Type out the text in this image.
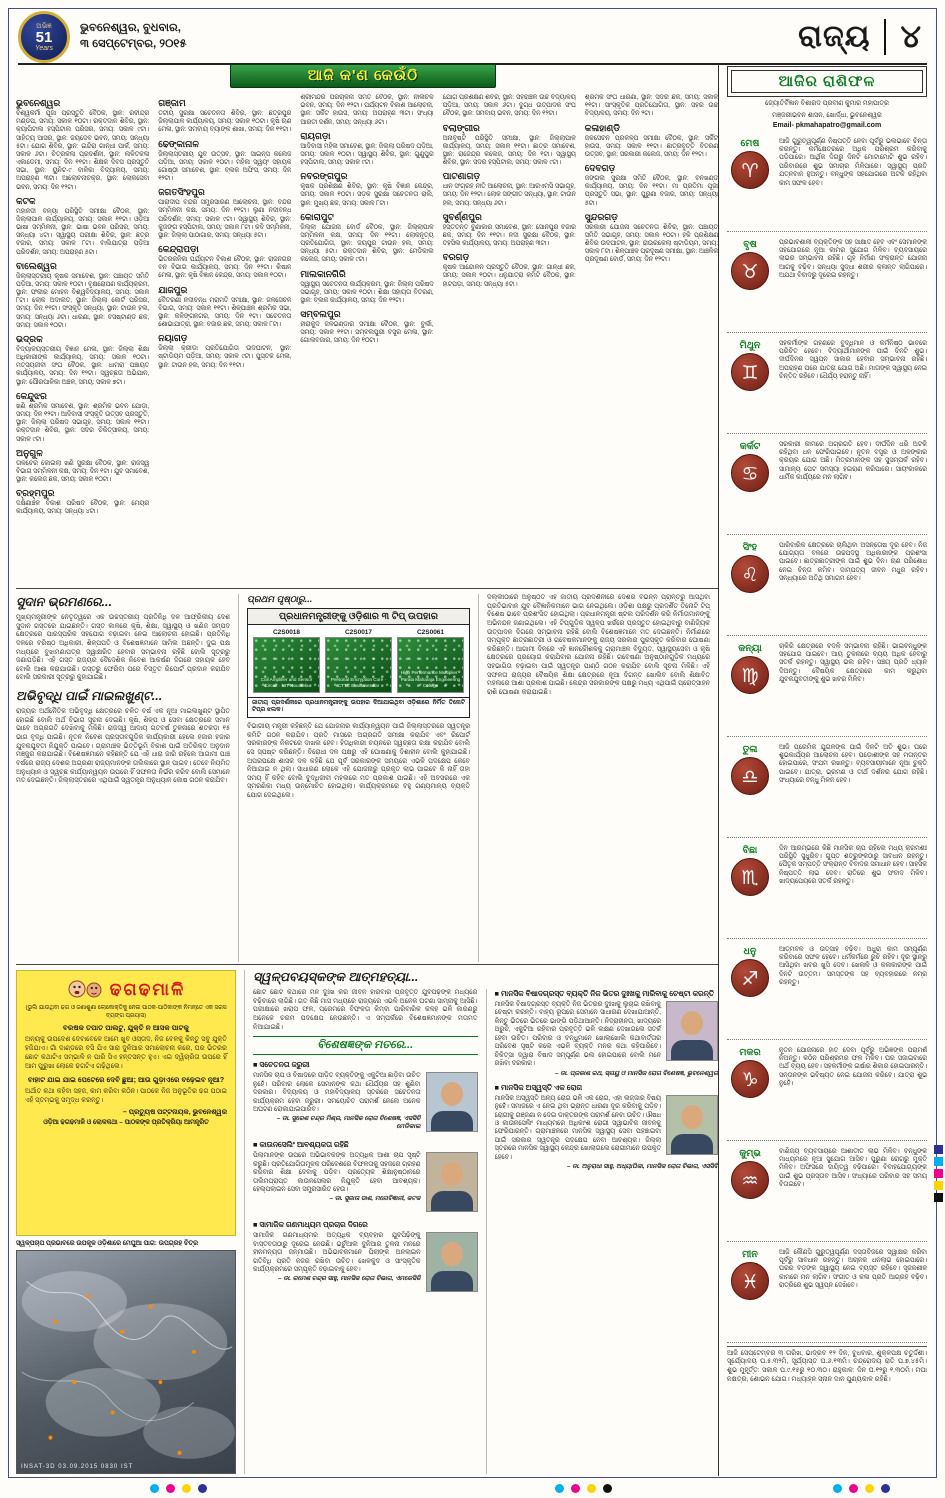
ଅଭିଜ୍ଞ
51
Years
ଭୁବନେଶ୍ୱର, ବୁଧବାର,
୩ ସେପ୍ଟେମ୍ବର, ୨୦୧୫	ରାଜ୍ୟ ୪
ଆଜି କ'ଣ କେଉଁଠି
ଭୁବନେଶ୍ୱର
ବିଶ୍ୱକର୍ମା ପୂଜା ପ୍ରସ୍ତୁତି ବୈଠକ, ସ୍ଥାନ: ରବୀନ୍ଦ୍ର ମଣ୍ଡପ, ସମୟ: ସକାଳ ୧୦ଟା। ରକ୍ତଦାନ ଶିବିର, ସ୍ଥାନ: କ୍ୟାପିଟାଲ ହସ୍ପିଟାଲ ପରିସର, ସମୟ: ସକାଳ ୯ଟା। ସାହିତ୍ୟ ଆସର, ସ୍ଥାନ: ଜୟଦେବ ଭବନ, ସମୟ: ସନ୍ଧ୍ୟା ୫ଟା। ଯୋଗ ଶିବିର, ସ୍ଥାନ: ଇନ୍ଦିରା ଗାନ୍ଧୀ ପାର୍କ, ସମୟ: ସକାଳ ୬ଟା। ଚିତ୍ରକଳା ପ୍ରଦର୍ଶନୀ, ସ୍ଥାନ: ଲଳିତକଳା ଏକାଡେମୀ, ସମୟ: ଦିନ ୧୧ଟା। ଶିକ୍ଷକ ଦିବସ ପ୍ରସ୍ତୁତି ସଭା, ସ୍ଥାନ: ୟୁନିଟ-୯ ବାଳିକା ବିଦ୍ୟାଳୟ, ସମୟ: ଅପରାହ୍ଣ ୩ଟା। ଆଲୋଚନାଚକ୍ର, ସ୍ଥାନ: ଲୋକସେବା ଭବନ, ସମୟ: ଦିନ ୧୨ଟା।
କଟକ
ମହାନଦୀ ବନ୍ୟା ପରିସ୍ଥିତି ସମୀକ୍ଷା ବୈଠକ, ସ୍ଥାନ: ଜିଲ୍ଲାପାଳ କାର୍ଯ୍ୟାଳୟ, ସମୟ: ସକାଳ ୧୧ଟା। ଓଡ଼ିଆ ଭାଷା ସମ୍ମିଳନୀ, ସ୍ଥାନ: ଭାଷା ଭବନ ପରିସର, ସମୟ: ସନ୍ଧ୍ୟା ୪ଟା। ସ୍ୱାସ୍ଥ୍ୟ ପରୀକ୍ଷା ଶିବିର, ସ୍ଥାନ: ଛତ୍ର ବଜାର, ସମୟ: ସକାଳ ୮ଟା। ବାଲିଯାତ୍ରା ପଡ଼ିଆ ପରିଦର୍ଶନ, ସମୟ: ଅପରାହ୍ଣ ୫ଟା।
ବାଲେଶ୍ୱର
ଜିଲ୍ଲାସ୍ତରୀୟ କୃଷକ ସମାବେଶ, ସ୍ଥାନ: ପଞ୍ଚାୟତ ସମିତି ପଡ଼ିଆ, ସମୟ: ସକାଳ ୧୦ଟା। ବୃକ୍ଷରୋପଣ କାର୍ଯ୍ୟକ୍ରମ, ସ୍ଥାନ: ଫକୀର ମୋହନ ବିଶ୍ୱବିଦ୍ୟାଳୟ, ସମୟ: ସକାଳ ୮ଟା। ଲୋକ ଅଦାଲତ, ସ୍ଥାନ: ଜିଲ୍ଲା କୋର୍ଟ ପରିସର, ସମୟ: ଦିନ ୧୧ଟା। ସଂସ୍କୃତି ସନ୍ଧ୍ୟା, ସ୍ଥାନ: ଟାଉନ ହଲ, ସମୟ: ସନ୍ଧ୍ୟା ୬ଟା। ଧାରଣା, ସ୍ଥାନ: ବସଷ୍ଟାଣ୍ଡ ଛକ, ସମୟ: ସକାଳ ୧୦ଟା।
ଭଦ୍ରକ
ବିଦ୍ୟାଳୟସ୍ତରୀୟ ବିଜ୍ଞାନ ମେଳା, ସ୍ଥାନ: ଜିଲ୍ଲା ଶିକ୍ଷା ଅଧିକାରୀଙ୍କ କାର୍ଯ୍ୟାଳୟ, ସମୟ: ସକାଳ ୧୦ଟା। ମତ୍ସ୍ୟଜୀବୀ ସଂଘ ବୈଠକ, ସ୍ଥାନ: ଧାମରା ପଞ୍ଚାୟତ କାର୍ଯ୍ୟାଳୟ, ସମୟ: ଦିନ ୧୨ଟା। ସ୍ୱଚ୍ଛତା ଅଭିଯାନ, ସ୍ଥାନ: ପୌରପାଳିକା ଅଞ୍ଚଳ, ସମୟ: ସକାଳ ୭ଟା।
କେନ୍ଦୁଝର
ଖଣି ଶ୍ରମିକ ସମାବେଶ, ସ୍ଥାନ: ଶ୍ରମିକ ଭବନ ଯୋଡ଼ା, ସମୟ: ଦିନ ୧୨ଟା। ଆଦିବାସୀ ସଂସ୍କୃତି ଉତ୍ସବ ପ୍ରସ୍ତୁତି, ସ୍ଥାନ: ଜିଲ୍ଲା ପରିଷଦ ସଭାଗୃହ, ସମୟ: ସକାଳ ୧୧ଟା। ରକ୍ତଦାନ ଶିବିର, ସ୍ଥାନ: ସଦର ଚିକିତ୍ସାଳୟ, ସମୟ: ସକାଳ ୯ଟା।
ଅନୁଗୁଳ
ତାଳଚେର କୋଇଲା ଖଣି ସୁରକ୍ଷା ବୈଠକ, ସ୍ଥାନ: ରାଜସ୍ୱ ବିଭାଗ ସମ୍ମିଳନୀ କକ୍ଷ, ସମୟ: ଦିନ ୧ଟା। ଯୁବ ସମାବେଶ, ସ୍ଥାନ: କଲେଜ ଛକ, ସମୟ: ସକାଳ ୧୦ଟା।
ବ୍ରହ୍ମପୁର
ଦକ୍ଷିଣାଞ୍ଚଳ ବିକାଶ ପରିଷଦ ବୈଠକ, ସ୍ଥାନ: ମେୟର କାର୍ଯ୍ୟାଳୟ, ସମୟ: ସନ୍ଧ୍ୟା ୪ଟା।
ଗଞ୍ଜାମ
ତଟୀୟ ସୁରକ୍ଷା ସଚେତନତା ଶିବିର, ସ୍ଥାନ: ଛତ୍ରପୁର ଜିଲ୍ଲାପାଳ କାର୍ଯ୍ୟାଳୟ, ସମୟ: ସକାଳ ୧୦ଟା। କୃଷି ଋଣ ମେଳା, ସ୍ଥାନ: ସମବାୟ ବ୍ୟାଙ୍କ ଶାଖା, ସମୟ: ଦିନ ୧୧ଟା।
ଢେଙ୍କାନାଳ
ଜିଲ୍ଲାସ୍ତରୀୟ ଯୁବ ଉତ୍ସବ, ସ୍ଥାନ: ସାଇନ୍ସ କଲେଜ ପଡ଼ିଆ, ସମୟ: ସକାଳ ୧୦ଟା। ମହିଳା ସ୍ୱୟଂ ସହାୟକ ଗୋଷ୍ଠୀ ସମାବେଶ, ସ୍ଥାନ: ବ୍ଲକ ଅଫିସ, ସମୟ: ଦିନ ୧୨ଟା।
ଜଗତସିଂହପୁର
ପାରାଦୀପ ବନ୍ଦର ସମ୍ପ୍ରସାରଣ ଆଲୋଚନା, ସ୍ଥାନ: ବନ୍ଦର ସମ୍ମିଳନୀ କକ୍ଷ, ସମୟ: ଦିନ ୧୧ଟା। ଲୁଣା ନଦୀବନ୍ଧ ପରିଦର୍ଶନ, ସମୟ: ସକାଳ ୯ଟା। ସ୍ୱାସ୍ଥ୍ୟ ଶିବିର, ସ୍ଥାନ: କୁଜଙ୍ଗ ହସ୍ପିଟାଲ, ସମୟ: ସକାଳ ୮ଟା। କବି ସମ୍ମିଳନୀ, ସ୍ଥାନ: ଜିଲ୍ଲା ପାଠାଗାର, ସମୟ: ସନ୍ଧ୍ୟା ୫ଟା।
କେନ୍ଦ୍ରାପଡ଼ା
ଭିତରକନିକା ପର୍ଯ୍ୟଟନ ବିକାଶ ବୈଠକ, ସ୍ଥାନ: ରାଜନଗର ବନ ବିଭାଗ କାର୍ଯ୍ୟାଳୟ, ସମୟ: ଦିନ ୧୨ଟା। କିଷାନ ମେଳା, ସ୍ଥାନ: କୃଷି ବିଜ୍ଞାନ କେନ୍ଦ୍ର, ସମୟ: ସକାଳ ୧୦ଟା।
ଯାଜପୁର
ବୈତରଣୀ ନଦୀବନ୍ଧ ମରାମତି ସମୀକ୍ଷା, ସ୍ଥାନ: ଜଳସେଚନ ବିଭାଗ, ସମୟ: ସକାଳ ୧୧ଟା। ଶିଳ୍ପାଞ୍ଚଳ ଶ୍ରମିକ ସଭା, ସ୍ଥାନ: କଳିଙ୍ଗନଗର, ସମୟ: ଦିନ ୧ଟା। ସଚେତନତା ଶୋଭାଯାତ୍ରା, ସ୍ଥାନ: ବଜାର ଛକ, ସମୟ: ସକାଳ ୮ଟା।
ନୟାଗଡ଼
ଜିଲ୍ଲା କ୍ରୀଡ଼ା ପ୍ରତିଯୋଗିତା ଉଦଘାଟନ, ସ୍ଥାନ: ଷ୍ଟାଡିୟମ ପଡ଼ିଆ, ସମୟ: ସକାଳ ୯ଟା। ପୁସ୍ତକ ମେଳା, ସ୍ଥାନ: ଟାଉନ ହଲ, ସମୟ: ଦିନ ୧୧ଟା।
ଶ୍ରୀମନ୍ଦିର ପରିଚାଳନା ସମିତି ବୈଠକ, ସ୍ଥାନ: ନୀଳାଚଳ ଭବନ, ସମୟ: ଦିନ ୧୨ଟା। ପର୍ଯ୍ୟଟନ ବିକାଶ ଆଲୋଚନା, ସ୍ଥାନ: ସର୍କିଟ ହାଉସ, ସମୟ: ଅପରାହ୍ଣ ୩ଟା। ସଂଧ୍ୟା ଆରତୀ ଦର୍ଶନ, ସମୟ: ସନ୍ଧ୍ୟା ୬ଟା।
ରାୟଗଡ଼ା
ଆଦିବାସୀ ମହିଳା ସମାବେଶ, ସ୍ଥାନ: ଜିଲ୍ଲା ପରିଷଦ ପଡ଼ିଆ, ସମୟ: ସକାଳ ୧୦ଟା। ସ୍ୱାସ୍ଥ୍ୟ ଶିବିର, ସ୍ଥାନ: ଗୁଣୁପୁର ହସ୍ପିଟାଲ, ସମୟ: ସକାଳ ୯ଟା।
ନବରଙ୍ଗପୁର
କୃଷକ ପ୍ରଶିକ୍ଷଣ ଶିବିର, ସ୍ଥାନ: କୃଷି ବିଜ୍ଞାନ କେନ୍ଦ୍ର, ସମୟ: ସକାଳ ୧୦ଟା। ସଡ଼କ ସୁରକ୍ଷା ସଚେତନତା ରାଲି, ସ୍ଥାନ: ମୁଖ୍ୟ ଛକ, ସମୟ: ସକାଳ ୮ଟା।
କୋରାପୁଟ
ଜିଲ୍ଲା ଯୋଜନା ବୋର୍ଡ ବୈଠକ, ସ୍ଥାନ: ଜିଲ୍ଲାପାଳ ସମ୍ମିଳନୀ କକ୍ଷ, ସମୟ: ଦିନ ୧୧ଟା। ଲୋକନୃତ୍ୟ ପ୍ରତିଯୋଗିତା, ସ୍ଥାନ: ଜୟପୁର ଟାଉନ ହଲ, ସମୟ: ସନ୍ଧ୍ୟା ୫ଟା। ରକ୍ତଦାନ ଶିବିର, ସ୍ଥାନ: ମେଡିକାଲ କଲେଜ, ସମୟ: ସକାଳ ୯ଟା।
ମାଲକାନଗିରି
ସ୍ୱାସ୍ଥ୍ୟ ସଚେତନତା କାର୍ଯ୍ୟକ୍ରମ, ସ୍ଥାନ: ଜିଲ୍ଲା ପରିଷଦ ସଭାଗୃହ, ସମୟ: ସକାଳ ୧୦ଟା। ଶିକ୍ଷା ସହାୟତା ବିତରଣ, ସ୍ଥାନ: ବ୍ଲକ କାର୍ଯ୍ୟାଳୟ, ସମୟ: ଦିନ ୧୨ଟା।
ସମ୍ବଲପୁର
ହୀରାକୁଦ ଜଳଭଣ୍ଡାର ସମୀକ୍ଷା ବୈଠକ, ସ୍ଥାନ: ବୁର୍ଲା, ସମୟ: ସକାଳ ୧୧ଟା। ସମ୍ବଲପୁରୀ ବସ୍ତ୍ର ମେଳା, ସ୍ଥାନ: ଗୋଲବଜାର, ସମୟ: ଦିନ ୧୦ଟା।
ଯୋଗ ପ୍ରଶିକ୍ଷଣ ଶିବିର, ସ୍ଥାନ: ସହରାଞ୍ଚଳ ଉଚ୍ଚ ବିଦ୍ୟାଳୟ ପଡ଼ିଆ, ସମୟ: ସକାଳ ୬ଟା। ଦୁଗ୍ଧ ଉତ୍ପାଦକ ସଂଘ ବୈଠକ, ସ୍ଥାନ: ସମବାୟ ଭବନ, ସମୟ: ଦିନ ୧୨ଟା।
ବଲାଙ୍ଗୀର
ଅନାବୃଷ୍ଟି ପରିସ୍ଥିତି ସମୀକ୍ଷା, ସ୍ଥାନ: ଜିଲ୍ଲାପାଳ କାର୍ଯ୍ୟାଳୟ, ସମୟ: ସକାଳ ୧୧ଟା। ଛାତ୍ର ସମାବେଶ, ସ୍ଥାନ: ରାଜେନ୍ଦ୍ର କଲେଜ, ସମୟ: ଦିନ ୧ଟା। ସ୍ୱାସ୍ଥ୍ୟ ଶିବିର, ସ୍ଥାନ: ସଦର ହସ୍ପିଟାଲ, ସମୟ: ସକାଳ ୯ଟା।
ପାଟଣାଗଡ଼
ଧାନ ସଂଗ୍ରହ ନୀତି ଆଲୋଚନା, ସ୍ଥାନ: ଆରଏମସି ସଭାଗୃହ, ସମୟ: ଦିନ ୧୨ଟା। ଲୋକ ସଙ୍ଗୀତ ସନ୍ଧ୍ୟା, ସ୍ଥାନ: ଟାଉନ ହଲ, ସମୟ: ସନ୍ଧ୍ୟା ୬ଟା।
ସୁବର୍ଣ୍ଣପୁର
ହସ୍ତତନ୍ତ ବୁଣାକାର ସମାବେଶ, ସ୍ଥାନ: ସୋନପୁର ବଜାର ଛକ, ସମୟ: ଦିନ ୧୧ଟା। ନଦୀ ସୁରକ୍ଷା ବୈଠକ, ସ୍ଥାନ: ତହସିଲ କାର୍ଯ୍ୟାଳୟ, ସମୟ: ଅପରାହ୍ଣ ୩ଟା।
ବରଗଡ଼
କୃଷକ ଆନ୍ଦୋଳନ ପ୍ରସ୍ତୁତି ବୈଠକ, ସ୍ଥାନ: ଗାନ୍ଧୀ ଛକ, ସମୟ: ସକାଳ ୧୦ଟା। ଧନୁଯାତ୍ରା କମିଟି ବୈଠକ, ସ୍ଥାନ: ହାଟପଡ଼ା, ସମୟ: ସନ୍ଧ୍ୟା ୫ଟା।
ଶ୍ରମିକ ସଂଘ ଧାରଣା, ସ୍ଥାନ: ସଦର ଛକ, ସମୟ: ସକାଳ ୧୧ଟା। ସାଂସ୍କୃତିକ ପ୍ରତିଯୋଗିତା, ସ୍ଥାନ: ସହର ଉଚ୍ଚ ବିଦ୍ୟାଳୟ, ସମୟ: ଦିନ ୨ଟା।
କଳାହାଣ୍ଡି
ଜଳସେଚନ ପ୍ରକଳ୍ପ ସମୀକ୍ଷା ବୈଠକ, ସ୍ଥାନ: ସର୍କିଟ ହାଉସ, ସମୟ: ସକାଳ ୧୧ଟା। ଛାତ୍ରବୃତ୍ତି ବିତରଣ ଉତ୍ସବ, ସ୍ଥାନ: ସରକାରୀ କଲେଜ, ସମୟ: ଦିନ ୧୨ଟା।
ଦେବଗଡ଼
ଜଙ୍ଗଲ ସୁରକ୍ଷା ସମିତି ବୈଠକ, ସ୍ଥାନ: ବନଖଣ୍ଡ କାର୍ଯ୍ୟାଳୟ, ସମୟ: ଦିନ ୧୧ଟା। ମା ପ୍ରତିମା ପୂଜା ପ୍ରସ୍ତୁତି ସଭା, ସ୍ଥାନ: ପୁରୁଣା ବଜାର, ସମୟ: ସନ୍ଧ୍ୟା ୫ଟା।
ସୁନ୍ଦରଗଡ଼
ସରକାରୀ ଯୋଜନା ସଚେତନତା ଶିବିର, ସ୍ଥାନ: ପଞ୍ଚାୟତ ସମିତି ସଭାଗୃହ, ସମୟ: ସକାଳ ୧୦ଟା। ହକି ପ୍ରଶିକ୍ଷଣ ଶିବିର ଉଦଘାଟନ, ସ୍ଥାନ: ରାଉରକେଲା ଷ୍ଟାଡିୟମ, ସମୟ: ସକାଳ ୮ଟା। ଶିଳ୍ପାଞ୍ଚଳ ପ୍ରଦୂଷଣ ସମୀକ୍ଷା, ସ୍ଥାନ: ଆଞ୍ଚଳିକ ପ୍ରଦୂଷଣ ବୋର୍ଡ, ସମୟ: ଦିନ ୧୨ଟା।
ଆଜିର ରାଶିଫଳ
ଜ୍ୟୋତିର୍ବିଜ୍ଞାନ ବିଶାରଦ ପ୍ରବୀଣ କୁମାର ମହାପାତ୍ର
ମଞ୍ଜରୀଭବନ ଶାସନ, ଖୋର୍ଦ୍ଧା, ଭୁବନେଶ୍ୱର
Email- pkmahapatro@gmail.com
ମେଷ
♈
ଆଜି ଗୁରୁତ୍ୱପୂର୍ଣ୍ଣ ନିଷ୍ପତ୍ତି ନେବା ପୂର୍ବରୁ ଭଲଭାବେ ଚିନ୍ତା କରନ୍ତୁ। କର୍ମକ୍ଷେତ୍ରରେ ଅଧିକ ପରିଶ୍ରମ କରିବାକୁ ପଡ଼ିପାରେ। ଆର୍ଥିକ ଦିଗରୁ ଦିନଟି ମୋଟାମୋଟି ଶୁଭ ରହିବ। ପରିବାରରେ ଶୁଭ ସମାଚାର ମିଳିପାରେ। ସ୍ୱାସ୍ଥ୍ୟ ପ୍ରତି ଯତ୍ନବାନ ହୁଅନ୍ତୁ। ବନ୍ଧୁଙ୍କ ସହଯୋଗରେ ଅଟକି ରହିଥିବା କାମ ସଫଳ ହେବ।
ବୃଷ
♉
ପ୍ରଭାବଶାଳୀ ବ୍ୟକ୍ତିଙ୍କ ସହ ସାକ୍ଷାତ ହେବ ଏବଂ ସେମାନଙ୍କ ସହଯୋଗରେ ନୂଆ କାମର ସୁଯୋଗ ମିଳିବ। ବ୍ୟବସାୟରେ ଲାଭର ସମ୍ଭାବନା ରହିଛି। ଗୃହ ନିର୍ମାଣ ସଂକ୍ରାନ୍ତ ଯୋଜନା ଆଗକୁ ବଢ଼ିବ। ସନ୍ଧ୍ୟା ସୁଦ୍ଧା ଶରୀର କ୍ଳାନ୍ତ ଲାଗିପାରେ। ଅଯଥା ବିବାଦରୁ ଦୂରେଇ ରହନ୍ତୁ।
ମିଥୁନ
♊
ସହକର୍ମୀଙ୍କ ଗହଣରେ ବୁଦ୍ଧିମାନ ଓ କର୍ମନିଷ୍ଠ ଭାବରେ ପରିଚିତ ହେବେ। ବିଦ୍ୟାର୍ଥୀମାନଙ୍କ ପାଇଁ ଦିନଟି ଶୁଭ। ଦୀର୍ଘଦିନର ସ୍ୱପ୍ନ ସାକାର ହେବାର ସମ୍ଭାବନା ରହିଛି। ଅପରାହ୍ଣ ପରେ ଯାତ୍ରା ଯୋଗ ଅଛି। ମାତାଙ୍କ ସ୍ୱାସ୍ଥ୍ୟ ନେଇ ଚିନ୍ତିତ ରହିବେ। ଧୈର୍ଯ୍ୟ ହରାନ୍ତୁ ନାହିଁ।
କର୍କଟ
♋
ସରକାରୀ କାମରେ ଅଗ୍ରଗତି ହେବ। ଦୀର୍ଘଦିନ ଧରି ଅଟକି ରହିଥିବା ଧନ ଫେରିପାଇବେ। ନୂତନ ବସ୍ତ୍ର ଓ ଅଳଙ୍କାର କ୍ରୟର ଯୋଗ ଅଛି। ମିତ୍ରମାନଙ୍କ ସହ ସୁସମ୍ପର୍କ ରହିବ। ସାମାନ୍ୟ ପେଟ ସମସ୍ୟା ହଇରାଣ କରିପାରେ। ସାୟଂକାଳରେ ଧାର୍ମିକ କାର୍ଯ୍ୟରେ ମନ ଲାଗିବ।
ସିଂହ
♌
ପାରିବାରିକ କ୍ଷେତ୍ରରେ ଚାଲିଥିବା ଅସନ୍ତୋଷ ଦୂର ହେବ। ନିଜ ଯୋଗ୍ୟତା ବଳରେ ଉଚ୍ଚପଦସ୍ଥ ଅଧିକାରୀଙ୍କ ପ୍ରଶଂସା ପାଇବେ। ଛାତ୍ରଛାତ୍ରୀଙ୍କ ପାଇଁ ଶୁଭ ଦିନ। ଋଣ ପରିଶୋଧ ନେଇ ଚିନ୍ତା କମିବ। ଦାମ୍ପତ୍ୟ ଜୀବନ ମଧୁର ରହିବ। ସନ୍ଧ୍ୟାରେ ଅତିଥି ସମାଗମ ହେବ।
କନ୍ୟା
♍
ଚାକିରି କ୍ଷେତ୍ରରେ ବଦଳି ସମ୍ଭାବନା ରହିଛି। ଭାଇବନ୍ଧୁଙ୍କ ସହଯୋଗ ପାଇବେ। ଆୟ ତୁଳନାରେ ବ୍ୟୟ ଅଧିକ ହେବାରୁ ସତର୍କ ରହନ୍ତୁ। ସ୍ୱାସ୍ଥ୍ୟ ଭଲ ରହିବ। ସଞ୍ଚୟ ପ୍ରତି ଧ୍ୟାନ ଦିଅନ୍ତୁ। ବୈଷୟିକ କ୍ଷେତ୍ରରେ କାମ କରୁଥିବା ଯୁବକଯୁବତୀଙ୍କୁ ଶୁଭ ଖବର ମିଳିବ।
ତୁଳା
♎
ଆଜି ପ୍ରେମିକ ଯୁଗଳଙ୍କ ପାଇଁ ଦିନଟି ଅତି ଶୁଭ। ଘରେ ଶୁଭକାର୍ଯ୍ୟର ଆଲୋଚନା ହେବ। ପଡ଼ୋଶୀଙ୍କ ସହ ମତାନ୍ତର ହୋଇପାରେ, ସଂଯମ ରଖନ୍ତୁ। ବ୍ୟବସାୟୀମାନେ ନୂଆ ଚୁକ୍ତି ପାଇବେ। ଯାତ୍ରା, ଭ୍ରମଣ ଓ ତୀର୍ଥ ଦର୍ଶନର ଯୋଗ ରହିଛି। ସଂଧ୍ୟାରେ ବନ୍ଧୁ ମିଳନ ହେବ।
ବିଛା
♏
ଦିନ ଆରମ୍ଭରେ କିଛି ମାନସିକ ଚାପ ରହିଲେ ମଧ୍ୟ କ୍ରମଶଃ ପରିସ୍ଥିତି ସୁଧୁରିବ। ଗୁପ୍ତ ଶତ୍ରୁଙ୍କଠାରୁ ସାବଧାନ ରହନ୍ତୁ। ପୈତୃକ ସମ୍ପତ୍ତି ସଂକ୍ରାନ୍ତ ବିବାଦର ସମାଧାନ ହେବ। ସାହସିକ ନିଷ୍ପତ୍ତି ଲାଭ ଦେବ। ରାତିରେ ଶୁଭ ସଂବାଦ ମିଳିବ। ଖାଦ୍ୟପେୟରେ ସତର୍କ ରହନ୍ତୁ।
ଧନୁ
♐
ଆତ୍ମବଳ ଓ ଉତ୍ସାହ ବଢ଼ିବ। ଅଧୁରା କାମ ସମ୍ପୂର୍ଣ୍ଣ କରିବାରେ ସଫଳ ହେବେ। ଧର୍ମକର୍ମରେ ରୁଚି ରହିବ। ଦୂର ସ୍ଥାନରୁ ଆସିଥିବା ଖବର ଖୁସି ଦେବ। ଖେଳାଳି ଓ କଳାକାରଙ୍କ ପାଇଁ ଦିନଟି ଉତ୍ତମ। ସମସ୍ତଙ୍କ ସହ ବ୍ୟବହାରରେ ନମ୍ର ରହନ୍ତୁ।
ମକର
♑
ନୂତନ ଯୋଜନାରେ ହାତ ଦେବା ପୂର୍ବରୁ ଅଭିଜ୍ଞଙ୍କ ପରାମର୍ଶ ନିଅନ୍ତୁ। କଠିନ ପରିଶ୍ରମର ଫଳ ମିଳିବ। ଘର ସଜାଇବାରେ ଅର୍ଥ ବ୍ୟୟ ହେବ। ସହକର୍ମୀଙ୍କ ଇର୍ଷାର ଶିକାର ହୋଇପାରନ୍ତି। ସନ୍ତାନଙ୍କ ଭବିଷ୍ୟତ ନେଇ ଯୋଜନା କରିବେ। ଯାତ୍ରା ଶୁଭ ନୁହେଁ।
କୁମ୍ଭ
♒
ବାଣିଜ୍ୟ ବ୍ୟବସାୟରେ ଆଶାତୀତ ଲାଭ ମିଳିବ। ବନ୍ଧୁଙ୍କ ମାଧ୍ୟମରେ ନୂଆ ସୁଯୋଗ ଆସିବ। ପୁରୁଣା ରୋଗରୁ ମୁକ୍ତି ମିଳିବ। ଅଫିସରେ ଦାୟିତ୍ୱ ବଢ଼ିପାରେ। ବିବାହଯୋଗ୍ୟଙ୍କ ପାଇଁ ଶୁଭ ପ୍ରସ୍ତାବ ଆସିବ। ସଂଧ୍ୟାରେ ପରିବାର ସହ ସମୟ ବିତାଇବେ।
ମୀନ
♓
ଆଜି କୌଣସି ଗୁରୁତ୍ୱପୂର୍ଣ୍ଣ ଦସ୍ତାବିଜରେ ସ୍ୱାକ୍ଷର କରିବା ପୂର୍ବରୁ ସାବଧାନ ରହନ୍ତୁ। ଅଚାନକ ଧନଲାଭ ହୋଇପାରେ। ଘରର ବଡ଼ଙ୍କ ସ୍ୱାସ୍ଥ୍ୟ ନେଇ ବ୍ୟସ୍ତ ରହିବେ। ସୃଜନଶୀଳ କାମରେ ମନ ଲାଗିବ। ସଂଗୀତ ଓ କଳା ପ୍ରତି ଆଗ୍ରହ ବଢ଼ିବ। ରାତ୍ରିରେ ଶୁଭ ସ୍ୱପ୍ନ ଦେଖିବେ।
ଆଜି ସେପ୍ଟେମ୍ବର ୩ ତାରିଖ, ଭାଦ୍ରବ ୧୨ ଦିନ, ବୁଧବାର, ଶୁକ୍ଳପକ୍ଷ ଚତୁର୍ଦ୍ଦଶୀ। ସୂର୍ଯ୍ୟୋଦୟ ଘ.୫.୩୨ମି, ସୂର୍ଯ୍ୟାସ୍ତ ଘ.୬.୧୩ମି। ଚନ୍ଦ୍ରୋଦୟ ରାତି ଘ.୭.୪୫ମି। ଶୁଭ ମୁହୂର୍ତ୍ତ: ସକାଳ ଘ.୯.୧୫ରୁ ୧୦.୩୦। ରାହୁକାଳ: ଦିନ ଘ.୧୨ରୁ ୧.୩୦ମି। ମଘା ନକ୍ଷତ୍ର, ଶୋଭନ ଯୋଗ। ମଧ୍ୟାହ୍ନ ସ୍ନାନ ଦାନ ପୁଣ୍ୟକାଳ ରହିଛି।
ସୁଦାନ ଭ୍ରମଣରେ...
ମୁଖ୍ୟମନ୍ତ୍ରୀଙ୍କ ନେତୃତ୍ୱରେ ଏକ ଉଚ୍ଚସ୍ତରୀୟ ପ୍ରତିନିଧି ଦଳ ଆଫ୍ରିକୀୟ ଦେଶ ସୁଦାନ ଗସ୍ତରେ ଯାଇଛନ୍ତି। ଗସ୍ତ କାଳରେ କୃଷି, ଶିକ୍ଷା, ସ୍ୱାସ୍ଥ୍ୟ ଓ ଖଣିଜ ସମ୍ପଦ କ୍ଷେତ୍ରରେ ପାରସ୍ପରିକ ସହଯୋଗ ବଢ଼ାଇବା ନେଇ ଆଲୋଚନା ହୋଇଛି। ପ୍ରତିନିଧି ଦଳରେ ବରିଷ୍ଠ ଅଧିକାରୀ, ଶିଳ୍ପପତି ଓ ବିଶେଷଜ୍ଞମାନେ ସାମିଲ ଅଛନ୍ତି। ଦୁଇ ପକ୍ଷ ମଧ୍ୟରେ ବୁଝାମଣାପତ୍ର ସ୍ୱାକ୍ଷରିତ ହେବାର ସମ୍ଭାବନା ରହିଛି ବୋଲି ସୂତ୍ରରୁ ଜଣାପଡ଼ିଛି। ଏହି ଗସ୍ତ ରାଜ୍ୟର ବୈଦେଶିକ ନିବେଶ ଆକର୍ଷଣ ଦିଗରେ ସହାୟକ ହେବ ବୋଲି ଆଶା କରାଯାଉଛି। ଗସ୍ତରୁ ଫେରିବା ପରେ ବିସ୍ତୃତ ରିପୋର୍ଟ ପ୍ରଦାନ କରାଯିବ ବୋଲି ସରକାରୀ ସୂତ୍ରରୁ କୁହାଯାଇଛି।
ଅଭିବୃଦ୍ଧି ପାଇଁ ମାଇଲଖୁଣ୍ଟ...
ରାଜ୍ୟର ଅର୍ଥନୈତିକ ଅଭିବୃଦ୍ଧି କ୍ଷେତ୍ରରେ ଚଳିତ ବର୍ଷ ଏକ ନୂଆ ମାଇଲଖୁଣ୍ଟ ସ୍ଥାପିତ ହୋଇଛି ବୋଲି ଅର୍ଥ ବିଭାଗ ସୂଚନା ଦେଇଛି। କୃଷି, ଶିଳ୍ପ ଓ ସେବା କ୍ଷେତ୍ରରେ ସମାନ ଭାବେ ଅଗ୍ରଗତି ଦେଖିବାକୁ ମିଳିଛି। ରାଜସ୍ୱ ଆଦାୟ ଗତବର୍ଷ ତୁଳନାରେ ଶତକଡ଼ା ୧୫ ଭାଗ ବୃଦ୍ଧି ପାଇଛି। ନୂତନ ନିବେଶ ପ୍ରସ୍ତାବଗୁଡ଼ିକ କାର୍ଯ୍ୟକାରୀ ହେଲେ ହଜାର ହଜାର ଯୁବକଯୁବତୀ ନିଯୁକ୍ତି ପାଇବେ। ଗ୍ରାମାଞ୍ଚଳ ଭିତ୍ତିଭୂମି ବିକାଶ ପାଇଁ ଅତିରିକ୍ତ ଅନୁଦାନ ମଞ୍ଜୁର କରାଯାଇଛି। ବିଶେଷଜ୍ଞମାନେ କହିଛନ୍ତି ଯେ ଏହି ଧାରା ଜାରି ରହିଲେ ଆଗାମୀ ପାଞ୍ଚ ବର୍ଷରେ ରାଜ୍ୟ ଦେଶର ଅଗ୍ରଣୀ ରାଜ୍ୟମାନଙ୍କ ତାଲିକାରେ ସ୍ଥାନ ପାଇବ। ତେବେ ନିୟମିତ ଅନୁଧ୍ୟାନ ଓ ସ୍ୱଚ୍ଛ କାର୍ଯ୍ୟାନ୍ୱୟନ ଉପରେ ହିଁ ସଫଳତା ନିର୍ଭର କରିବ ବୋଲି ସେମାନେ ମତ ଦେଇଛନ୍ତି। ଜିଲ୍ଲାସ୍ତରରେ ଏଥିପାଇଁ ସ୍ୱତନ୍ତ୍ର ଅନୁଧ୍ୟାନ କୋଷ ଗଠନ କରାଯିବ।
ପ୍ରଥମ ପୃଷ୍ଠାରୁ...
ପ୍ରଧାନମନ୍ତ୍ରୀଙ୍କୁ ଓଡ଼ିଶାର ୩ ଟିପ୍ ଉପହାର
C2S0018
Coil Amplifier and Sensor Circuit · NIT Rourkela
C2S0017
Personal Encryption Core · CTTC Bhubaneswar
C2S0061
High Performance Multiplier · Parala Maharaja Engineering College
ଜାତୀୟ ପ୍ରଦର୍ଶନୀରେ ପ୍ରଧାନମନ୍ତ୍ରୀଙ୍କୁ ଉପହାର ଦିଆଯାଇଥିବା ଓଡ଼ିଶାରେ ନିର୍ମିତ ତିନୋଟି ଟିପ୍‌ର ଝଲକ।
ବିଭାଗୀୟ ମନ୍ତ୍ରୀ କହିଛନ୍ତି ଯେ ଯୋଜନାର କାର୍ଯ୍ୟାନ୍ୱୟନ ପାଇଁ ଜିଲ୍ଲାସ୍ତରରେ ସ୍ୱତନ୍ତ୍ର କମିଟି ଗଠନ କରାଯିବ। ପ୍ରତି ମାସରେ ଅଗ୍ରଗତି ସମୀକ୍ଷା କରାଯିବ ଏବଂ ରିପୋର୍ଟ ସରକାରଙ୍କ ନିକଟରେ ଦାଖଲ ହେବ। ହିତାଧିକାରୀ ଚୟନରେ ସ୍ୱଚ୍ଛତା ରକ୍ଷା କରାଯିବ ବୋଲି ସେ ସ୍ପଷ୍ଟ କରିଛନ୍ତି। ବିରୋଧୀ ଦଳ ପକ୍ଷରୁ ଏହି ଘୋଷଣାକୁ ଦିଶାହୀନ ବୋଲି କୁହାଯାଇଛି। ଅପରପକ୍ଷେ ଶାସକ ଦଳ କହିଛି ଯେ ପୂର୍ବ ସରକାରଙ୍କ ସମୟରେ ଏଭଳି ପଦକ୍ଷେପ କେବେ ନିଆଯାଇ ନ ଥିଲା। ସାଧାରଣ ଲୋକେ ଏହି ଯୋଜନାରୁ ପ୍ରକୃତ ଲାଭ ପାଇବେ କି ନାହିଁ ତାହା ସମୟ ହିଁ କହିବ ବୋଲି ବୁଦ୍ଧିଜୀବୀ ମହଲରେ ମତ ପ୍ରକାଶ ପାଇଛି। ଏହି ଅବସରରେ ଏକ ସ୍ମରଣିକା ମଧ୍ୟ ଉନ୍ମୋଚିତ ହୋଇଥିଲା। କାର୍ଯ୍ୟକ୍ରମରେ ବହୁ ଗଣ୍ୟମାନ୍ୟ ବ୍ୟକ୍ତି ଯୋଗ ଦେଇଥିଲେ।
ଦିଲ୍ଲୀଠାରେ ଅନୁଷ୍ଠିତ ଏହି ଜାତୀୟ ପ୍ରଦର୍ଶନୀରେ ଦେଶର ବିଭିନ୍ନ ପ୍ରାନ୍ତରୁ ଆସିଥିବା ପ୍ରତିଭାବାନ ଯୁବ ବୈଜ୍ଞାନିକମାନେ ଭାଗ ନେଇଥିଲେ। ଓଡ଼ିଶା ପକ୍ଷରୁ ପ୍ରଦର୍ଶିତ ତିନୋଟି ଟିପ୍ ବିଶେଷ ଭାବେ ପ୍ରଶଂସିତ ହୋଇଥିଲା। ପ୍ରଧାନମନ୍ତ୍ରୀ ଷ୍ଟଲ ପରିଦର୍ଶନ କରି ନିର୍ମାତାମାନଙ୍କୁ ଅଭିନନ୍ଦନ ଜଣାଇଥିଲେ। ଏହି ଟିପ୍‌ଗୁଡ଼ିକ ସ୍ୱଳ୍ପ ଖର୍ଚ୍ଚରେ ପ୍ରସ୍ତୁତ ହୋଇଥିବାରୁ ବାଣିଜ୍ୟିକ ଉତ୍ପାଦନ ଦିଗରେ ସମ୍ଭାବନା ରହିଛି ବୋଲି ବିଶେଷଜ୍ଞମାନେ ମତ ଦେଇଛନ୍ତି। ନିର୍ମାଣରେ ସମ୍ପୃକ୍ତ ଛାତ୍ରଛାତ୍ରୀ ଓ ଗବେଷକମାନଙ୍କୁ ରାଜ୍ୟ ସରକାର ପୁରସ୍କୃତ କରିବାର ଘୋଷଣା କରିଛନ୍ତି। ଆଗାମୀ ଦିନରେ ଏହି ଜ୍ଞାନକୌଶଳକୁ ଗ୍ରାମାଞ୍ଚଳ ବିଦ୍ୟୁତ, ସ୍ୱାସ୍ଥ୍ୟସେବା ଓ କୃଷି କ୍ଷେତ୍ରରେ ପ୍ରୟୋଗ କରାଯିବାର ଯୋଜନା ରହିଛି। ଗବେଷଣା ଅନୁଷ୍ଠାନଗୁଡ଼ିକ ମଧ୍ୟରେ ସହଭାଗିତା ବଢ଼ାଇବା ପାଇଁ ସ୍ୱତନ୍ତ୍ର ପାଣ୍ଠି ଗଠନ କରାଯିବ ବୋଲି ସୂଚନା ମିଳିଛି। ଏହି ସଫଳତା ରାଜ୍ୟର ବୈଷୟିକ ଶିକ୍ଷା କ୍ଷେତ୍ରରେ ନୂଆ ଦିଗନ୍ତ ଖୋଲିବ ବୋଲି ଶିକ୍ଷାବିତ ମହଲରେ ଆଶା ପ୍ରକାଶ ପାଇଛି। କେନ୍ଦ୍ର ସରକାରଙ୍କ ପକ୍ଷରୁ ମଧ୍ୟ ଏଥିପାଇଁ ପ୍ରୋତ୍ସାହନ ରାଶି ଘୋଷଣା କରାଯାଇଛି।
ଢଗଢମାଳି
(ଭୁଲି ଯାଉଥିବା ଢଗ ଓ ଜଣାଶୁଣା ଲୋକୋକ୍ତିକୁ ନେଇ ପାଠକ-ପାଠିକାଙ୍କ ନିମନ୍ତେ ଏକ ସରସ ବ୍ୟଙ୍ଗ ପ୍ରୟାସ)
ବରଷକ ତପାତ ପାଲଟୁ, ଯୁକ୍ତି ନ ଆସକ ପାଟକୁ
ଅନ୍ୟକୁ ଉପଦେଶ ଦେବାବେଳେ ଆମେ ଖୁବ ଓସ୍ତାଦ, ନିଜ ବେଳକୁ କିନ୍ତୁ ସବୁ ଯୁକ୍ତି ହଜିଯାଏ। ଗାଁ ଦାଣ୍ଡରେ ବସି ଯିଏ ସାରା ଦୁନିଆର ସମାଲୋଚନା କରେ, ଘର ଭିତରର ଛୋଟ କଥାଟିଏ ସମ୍ଭାଳି ନ ପାରି ସିଏ ହନ୍ତସନ୍ତ ହୁଏ। ଏଇ ଦ୍ୱିଚାରିତା ଉପରେ ହିଁ ଆମ ପୁରୁଖା ଲୋକେ ଢଗଟିଏ ଗଢ଼ିଥିଲେ।
ବାହାଟ ଯାଇ ଯାଇ ପେଟେରେ ଦେବି ଛୁଆ; ଆଉ ଗୁଡ଼ାଏରେ ବଢ଼େଇବ ନୂଆ?
ଅର୍ଥାତ କଥା କହିବା ସହଜ, କାମ କରିବା କଠିନ। ପାଠକେ ନିଜ ଅନୁଭୂତିର ଢଗ ପଠାଇ ଏହି ସ୍ତମ୍ଭକୁ ସମୃଦ୍ଧ କରନ୍ତୁ।
– ପ୍ରତ୍ୟୁଷ ପଟ୍ଟନାୟକ, ଭୁବନେଶ୍ୱର
ଓଡ଼ିଆ ଢଗଢମାଳି ଓ ଲୋକକଥା – ପାଠକଙ୍କ ପ୍ରତିକ୍ରିୟା ଆମନ୍ତ୍ରିତ
ସ୍ୱଳ୍ପଚାପ ପ୍ରଭାବରେ ଉପକୂଳ ଓଡ଼ିଶାରେ ମେଘୁଆ ପାଗ: ଉପଗ୍ରହ ଚିତ୍ର
INSAT-3D 03.09.2015 0830 IST
ସ୍ୱଳ୍ପବୟସ୍କଙ୍କ ଆତ୍ମହତ୍ୟା...
ଛୋଟ ଛୋଟ କଥାରେ ମନ ଦୁଃଖ କରି ଜୀବନ ହାରିବାର ପ୍ରବୃତ୍ତି ଯୁବପିଢ଼ିଙ୍କ ମଧ୍ୟରେ ବଢ଼ିବାରେ ଲାଗିଛି। ଗତ କିଛି ମାସ ମଧ୍ୟରେ ରାଜ୍ୟରେ ଏଭଳି ଅନେକ ଘଟଣା ସାମ୍ନାକୁ ଆସିଛି। ପରୀକ୍ଷାରେ ଖରାପ ଫଳ, ପ୍ରେମରେ ବିଫଳତା କିମ୍ବା ପାରିବାରିକ କଳହ ଭଳି କାରଣରୁ ଅନେକେ ଚରମ ପଦକ୍ଷେପ ନେଉଛନ୍ତି। ଏ ସମ୍ପର୍କରେ ବିଶେଷଜ୍ଞମାନଙ୍କ ମତାମତ ନିଆଯାଇଛି।
ବିଶେଷଜ୍ଞଙ୍କ ମତରେ...
■ ସଚେତନତା ଜରୁରୀ
ମାନସିକ ଚାପ ଓ ବିଷାଦରେ ପୀଡ଼ିତ ବ୍ୟକ୍ତିଙ୍କୁ ଏକୁଟିଆ ଛାଡ଼ିବା ଉଚିତ ନୁହେଁ। ପରିବାର ଲୋକେ ସେମାନଙ୍କ କଥା ଧୈର୍ଯ୍ୟର ସହ ଶୁଣିବା ଦରକାର। ବିଦ୍ୟାଳୟ ଓ ମହାବିଦ୍ୟାଳୟ ସ୍ତରରେ ସଚେତନତା କାର୍ଯ୍ୟକ୍ରମ ହେବା ଜରୁରୀ। ସମୟୋଚିତ ପରାମର୍ଶ ନେଲେ ଅନେକ ଅଘଟଣ ରୋକାଯାଇପାରିବ।
– ଡା. ସୁରେଶ ଚନ୍ଦ୍ର ମିଶ୍ର, ମାନସିକ ରୋଗ ବିଶେଷଜ୍ଞ, ଏସସିବି ମେଡିକାଲ
■ କାଉନସେଲିଂ ଆବଶ୍ୟକତା ରହିଛି
ପିଲାମାନଙ୍କ ଉପରେ ଅଭିଭାବକଙ୍କ ଅତ୍ୟଧିକ ଆଶା ଚାପ ସୃଷ୍ଟି କରୁଛି। ପ୍ରତିଯୋଗିତାମୂଳକ ପରିବେଶରେ ବିଫଳତାକୁ ସହଜରେ ଗ୍ରହଣ କରିବାର ଶିକ୍ଷା ଦେବାକୁ ପଡ଼ିବ। ପ୍ରତ୍ୟେକ ଶିକ୍ଷାନୁଷ୍ଠାନରେ ତାଲିମପ୍ରାପ୍ତ କାଉନସେଲର ନିଯୁକ୍ତି ହେବା ଆବଶ୍ୟକ। ହେଲ୍ପଲାଇନ ସେବା ସମ୍ପ୍ରସାରିତ ହେଉ।
– ଡା. ସୁଜାତା ଦାଶ, ମନୋବିଜ୍ଞାନୀ, କଟକ
■ ସାମାଜିକ ଗଣମାଧ୍ୟମ ପ୍ରଚାର ଦିଗରେ
ସାମାଜିକ ଗଣମାଧ୍ୟମର ଅତ୍ୟଧିକ ବ୍ୟବହାର ଯୁବପିଢ଼ିଙ୍କୁ ବାସ୍ତବତାଠାରୁ ଦୂରେଇ ନେଉଛି। ଭର୍ଚୁଆଲ ଦୁନିଆର ତୁଳନା ମନରେ ହୀନମନ୍ୟତା ଜନ୍ମାଉଛି। ଅଭିଭାବକମାନେ ପିଲାଙ୍କ ଅନଲାଇନ ଗତିବିଧି ପ୍ରତି ନଜର ରଖିବା ଉଚିତ। ଖେଳକୁଦ ଓ ସାଂସ୍କୃତିକ କାର୍ଯ୍ୟକ୍ରମରେ ସମ୍ପୃକ୍ତି ବଢ଼ାଇବାକୁ ହେବ।
– ଡା. ରମେଶ ଚନ୍ଦ୍ର ସାହୁ, ମାନସିକ ରୋଗ ବିଭାଗ, ଏମକେସିଜି
■ ମାନସିକ ବିଷାଦଗ୍ରସ୍ତ ବ୍ୟକ୍ତି ନିଜ ଭିତର ଦୁଃଖକୁ ମାରିବାକୁ ଚେଷ୍ଟା କରନ୍ତି
ମାନସିକ ବିଷାଦଗ୍ରସ୍ତ ବ୍ୟକ୍ତି ନିଜ ଭିତରର ଦୁଃଖକୁ ଲୁଚାଇ ରଖିବାକୁ ଚେଷ୍ଟା କରନ୍ତି। ବାହ୍ୟ ରୂପରେ ସେମାନେ ସାଧାରଣ ଦେଖାଯାଆନ୍ତି, କିନ୍ତୁ ଭିତରେ ଭିତରେ ଭାଙ୍ଗି ପଡ଼ିଥାଆନ୍ତି। ନିଦ୍ରାହୀନତା, ଖାଦ୍ୟରେ ଅରୁଚି, ଏକୁଟିଆ ରହିବାର ପ୍ରବୃତ୍ତି ଭଳି ଲକ୍ଷଣ ଦେଖାଗଲେ ସତର୍କ ହେବା ଉଚିତ। ପରିବାର ଓ ବନ୍ଧୁମାନେ ଖୋଲାଖୋଲି କଥାବାର୍ତ୍ତାର ପରିବେଶ ସୃଷ୍ଟି କଲେ ଏଭଳି ବ୍ୟକ୍ତି ମନର କଥା କହିପାରିବେ। ଚିକିତ୍ସା ଦ୍ୱାରା ବିଷାଦ ସମ୍ପୂର୍ଣ୍ଣ ଭଲ ହୋଇପାରେ ବୋଲି ମନେ ରଖିବା ଦରକାର।
– ଡା. ପ୍ରକାଶ ରଥ, ସ୍ନାୟୁ ଓ ମାନସିକ ରୋଗ ବିଶେଷଜ୍ଞ, ଭୁବନେଶ୍ୱର
■ ମାନସିକ ଅସ୍ୱସ୍ତି ଏକ ରୋଗ
ମାନସିକ ଅସ୍ୱସ୍ତି ଅନ୍ୟ ରୋଗ ଭଳି ଏକ ରୋଗ, ଏହା ଲଜ୍ଜାର ବିଷୟ ନୁହେଁ। ସମାଜରେ ଏ ନେଇ ଥିବା ଭ୍ରାନ୍ତ ଧାରଣା ଦୂର କରିବାକୁ ପଡ଼ିବ। ରୋଗୀକୁ ଗଞ୍ଜଣା ନ ଦେଇ ଡାକ୍ତରଙ୍କ ପରାମର୍ଶ ନେବା ଉଚିତ। ଔଷଧ ଓ କାଉନସେଲିଂ ମାଧ୍ୟମରେ ଅଧିକାଂଶ ରୋଗୀ ସ୍ୱାଭାବିକ ଜୀବନକୁ ଫେରିପାରନ୍ତି। ଗ୍ରାମାଞ୍ଚଳରେ ମାନସିକ ସ୍ୱାସ୍ଥ୍ୟ ସେବା ପହଞ୍ଚାଇବା ପାଇଁ ସରକାର ସ୍ୱତନ୍ତ୍ର ପଦକ୍ଷେପ ନେବା ଆବଶ୍ୟକ। ଜିଲ୍ଲା ସ୍ତରରେ ମାନସିକ ସ୍ୱାସ୍ଥ୍ୟ କେନ୍ଦ୍ର ଖୋଲାଗଲେ ରୋଗୀମାନେ ଉପକୃତ ହେବେ।
– ଡା. ଅନୁରାଧା ସାହୁ, ଅଧ୍ୟାପିକା, ମାନସିକ ରୋଗ ବିଭାଗ, ଏସସିବି
